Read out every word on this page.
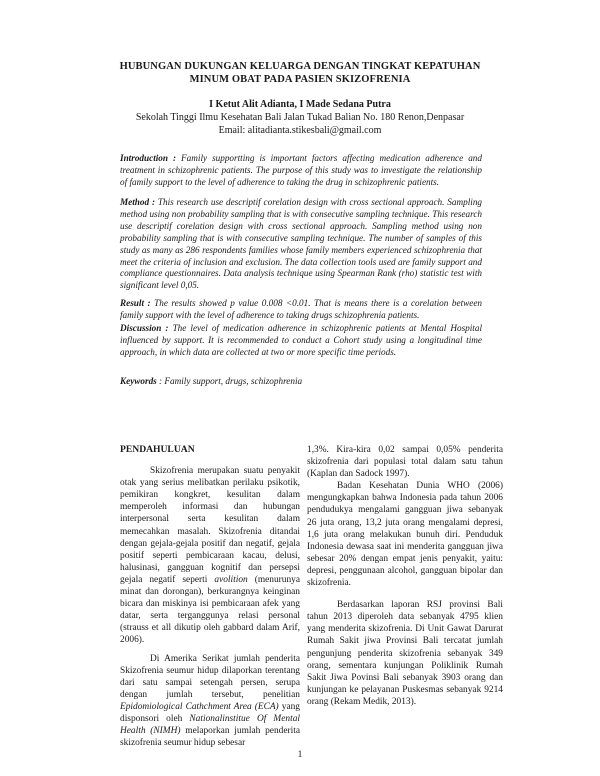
HUBUNGAN DUKUNGAN KELUARGA DENGAN TINGKAT KEPATUHAN
MINUM OBAT PADA PASIEN SKIZOFRENIA
I Ketut Alit Adianta, I Made Sedana Putra
Sekolah Tinggi Ilmu Kesehatan Bali Jalan Tukad Balian No. 180 Renon,Denpasar
Email: alitadianta.stikesbali@gmail.com
Introduction : Family supportting is important factors affecting medication adherence and treatment in schizophrenic patients. The purpose of this study was to investigate the relationship of family support to the level of adherence to taking the drug in schizophrenic patients.
Method : This research use descriptif corelation design with cross sectional approach. Sampling method using non probability sampling that is with consecutive sampling technique. This research use descriptif corelation design with cross sectional approach. Sampling method using non probability sampling that is with consecutive sampling technique. The number of samples of this study as many as 286 respondents families whose family members experienced schizophrenia that meet the criteria of inclusion and exclusion. The data collection tools used are family support and compliance questionnaires. Data analysis technique using Spearman Rank (rho) statistic test with significant level 0,05.
Result : The results showed p value 0.008 <0.01. That is means there is a corelation between family support with the level of adherence to taking drugs schizophrenia patients.
Discussion : The level of medication adherence in schizophrenic patients at Mental Hospital influenced by support. It is recommended to conduct a Cohort study using a longitudinal time approach, in which data are collected at two or more specific time periods.
Keywords : Family support, drugs, schizophrenia
PENDAHULUAN

Skizofrenia merupakan suatu penyakit otak yang serius melibatkan perilaku psikotik, pemikiran kongkret, kesulitan dalam memperoleh informasi dan hubungan interpersonal serta kesulitan dalam memecahkan masalah. Skizofrenia ditandai dengan gejala-gejala positif dan negatif, gejala positif seperti pembicaraan kacau, delusi, halusinasi, gangguan kognitif dan persepsi gejala negatif seperti avolition (menurunya minat dan dorongan), berkurangnya keinginan bicara dan miskinya isi pembicaraan afek yang datar, serta terganggunya relasi personal (strauss et all dikutip oleh gabbard dalam Arif, 2006).

Di Amerika Serikat jumlah penderita Skizofrenia seumur hidup dilaporkan terentang dari satu sampai setengah persen, serupa dengan jumlah tersebut, penelitian Epidomiological Cathchment Area (ECA) yang disponsori oleh Nationalinstitue Of Mental Health (NIMH) melaporkan jumlah penderita skizofrenia seumur hidup sebesar

1,3%. Kira-kira 0,02 sampai 0,05% penderita skizofrenia dari populasi total dalam satu tahun (Kaplan dan Sadock 1997).

Badan Kesehatan Dunia WHO (2006) mengungkapkan bahwa Indonesia pada tahun 2006 pendudukya mengalami gangguan jiwa sebanyak 26 juta orang, 13,2 juta orang mengalami depresi, 1,6 juta orang melakukan bunuh diri. Penduduk Indonesia dewasa saat ini menderita gangguan jiwa sebesar 20% dengan empat jenis penyakit, yaitu: depresi, penggunaan alcohol, gangguan bipolar dan skizofrenia.

Berdasarkan laporan RSJ provinsi Bali tahun 2013 diperoleh data sebanyak 4795 klien yang menderita skizofrenia. Di Unit Gawat Darurat Rumah Sakit jiwa Provinsi Bali tercatat jumlah pengunjung penderita skizofrenia sebanyak 349 orang, sementara kunjungan Poliklinik Rumah Sakit Jiwa Povinsi Bali sebanyak 3903 orang dan kunjungan ke pelayanan Puskesmas sebanyak 9214 orang (Rekam Medik, 2013).

1
